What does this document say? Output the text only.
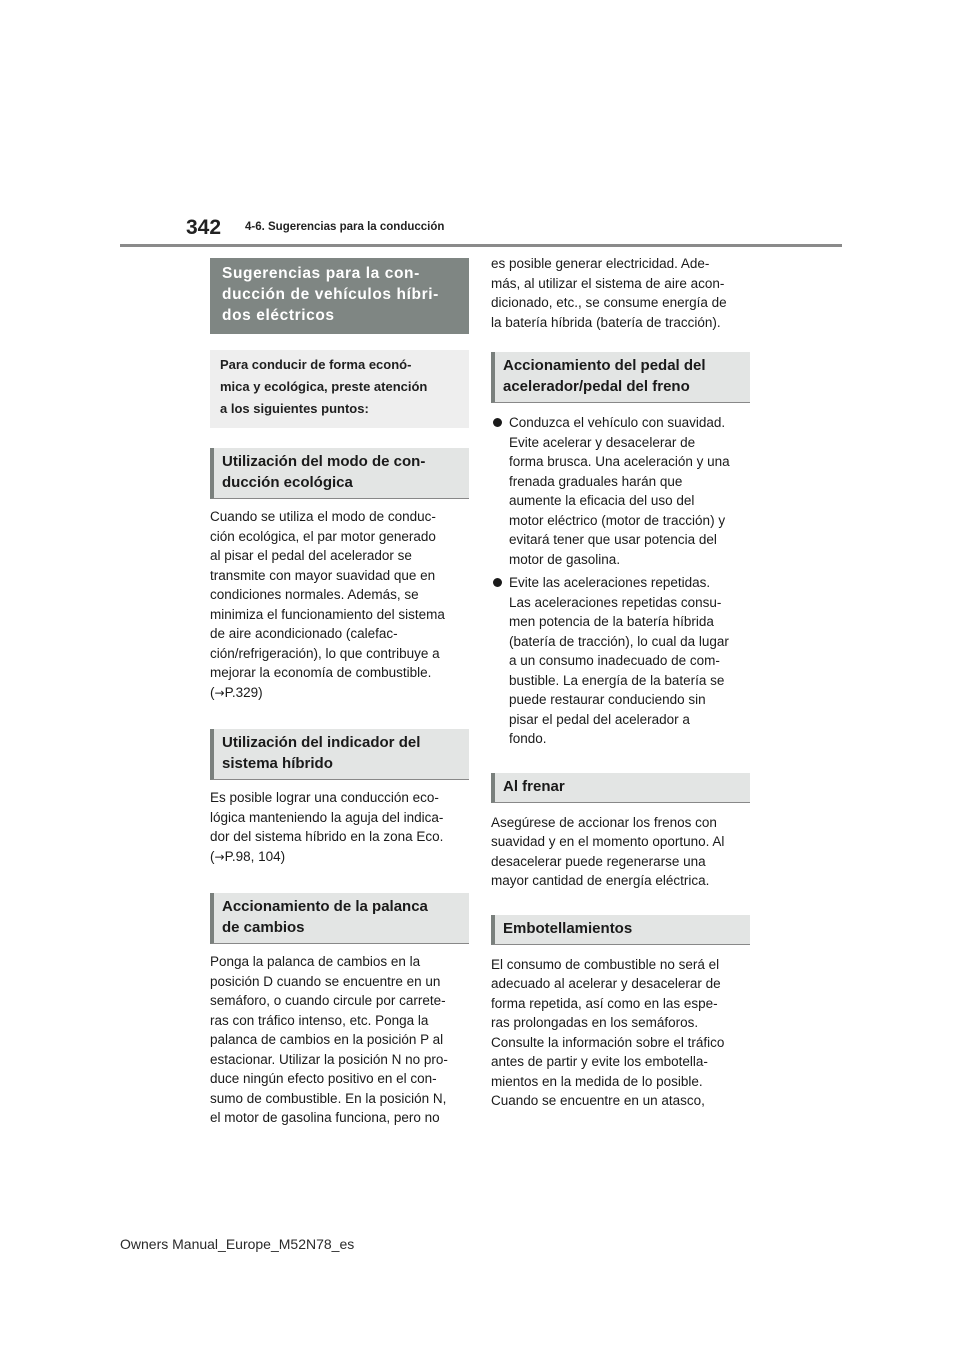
342 4-6. Sugerencias para la conducción
Sugerencias para la con-
ducción de vehículos híbri-
dos eléctricos
Para conducir de forma econó-
mica y ecológica, preste atención
a los siguientes puntos:
Utilización del modo de con-
ducción ecológica
Cuando se utiliza el modo de conduc-
ción ecológica, el par motor generado
al pisar el pedal del acelerador se
transmite con mayor suavidad que en
condiciones normales. Además, se
minimiza el funcionamiento del sistema
de aire acondicionado (calefac-
ción/refrigeración), lo que contribuye a
mejorar la economía de combustible.
(→P.329)
Utilización del indicador del
sistema híbrido
Es posible lograr una conducción eco-
lógica manteniendo la aguja del indica-
dor del sistema híbrido en la zona Eco.
(→P.98, 104)
Accionamiento de la palanca
de cambios
Ponga la palanca de cambios en la
posición D cuando se encuentre en un
semáforo, o cuando circule por carrete-
ras con tráfico intenso, etc. Ponga la
palanca de cambios en la posición P al
estacionar. Utilizar la posición N no pro-
duce ningún efecto positivo en el con-
sumo de combustible. En la posición N,
el motor de gasolina funciona, pero no
es posible generar electricidad. Ade-
más, al utilizar el sistema de aire acon-
dicionado, etc., se consume energía de
la batería híbrida (batería de tracción).
Accionamiento del pedal del
acelerador/pedal del freno
Conduzca el vehículo con suavidad.
Evite acelerar y desacelerar de
forma brusca. Una aceleración y una
frenada graduales harán que
aumente la eficacia del uso del
motor eléctrico (motor de tracción) y
evitará tener que usar potencia del
motor de gasolina.
Evite las aceleraciones repetidas.
Las aceleraciones repetidas consu-
men potencia de la batería híbrida
(batería de tracción), lo cual da lugar
a un consumo inadecuado de com-
bustible. La energía de la batería se
puede restaurar conduciendo sin
pisar el pedal del acelerador a
fondo.
Al frenar
Asegúrese de accionar los frenos con
suavidad y en el momento oportuno. Al
desacelerar puede regenerarse una
mayor cantidad de energía eléctrica.
Embotellamientos
El consumo de combustible no será el
adecuado al acelerar y desacelerar de
forma repetida, así como en las espe-
ras prolongadas en los semáforos.
Consulte la información sobre el tráfico
antes de partir y evite los embotella-
mientos en la medida de lo posible.
Cuando se encuentre en un atasco,
Owners Manual_Europe_M52N78_es
